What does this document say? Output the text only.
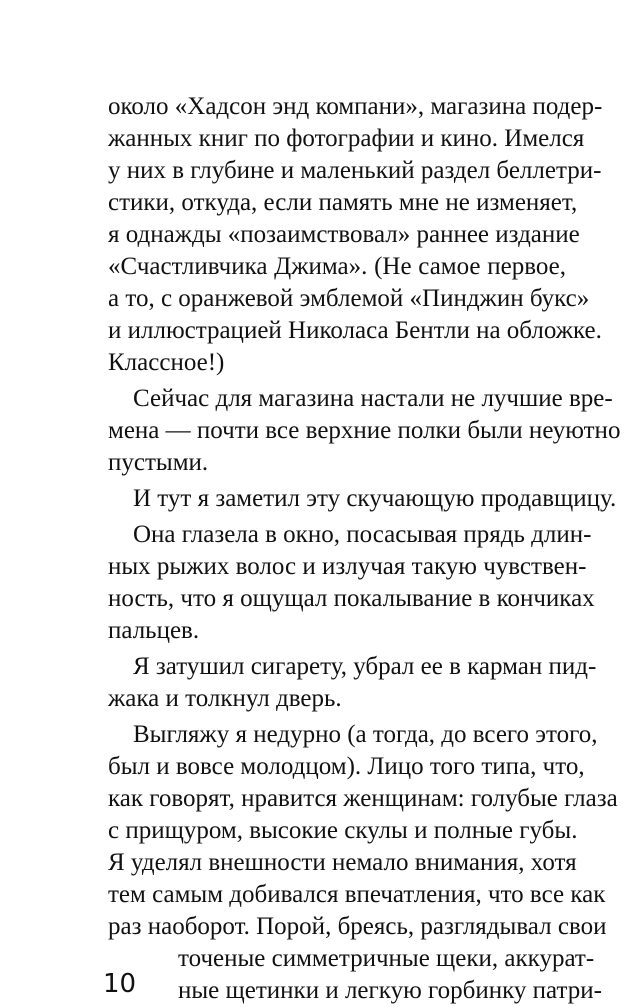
около «Хадсон энд компани», магазина подер-
жанных книг по фотографии и кино. Имелся
у них в глубине и маленький раздел беллетри-
стики, откуда, если память мне не изменяет,
я однажды «позаимствовал» раннее издание
«Счастливчика Джима». (Не самое первое,
а то, с оранжевой эмблемой «Пинджин букс»
и иллюстрацией Николаса Бентли на обложке.
Классное!)
Сейчас для магазина настали не лучшие вре-
мена — почти все верхние полки были неуютно
пустыми.
И тут я заметил эту скучающую продавщицу.
Она глазела в окно, посасывая прядь длин-
ных рыжих волос и излучая такую чувствен-
ность, что я ощущал покалывание в кончиках
пальцев.
Я затушил сигарету, убрал ее в карман пид-
жака и толкнул дверь.
Выгляжу я недурно (а тогда, до всего этого,
был и вовсе молодцом). Лицо того типа, что,
как говорят, нравится женщинам: голубые глаза
с прищуром, высокие скулы и полные губы.
Я уделял внешности немало внимания, хотя
тем самым добивался впечатления, что все как
раз наоборот. Порой, бреясь, разглядывал свои
точеные симметричные щеки, аккурат-
ные щетинки и легкую горбинку патри-
10
